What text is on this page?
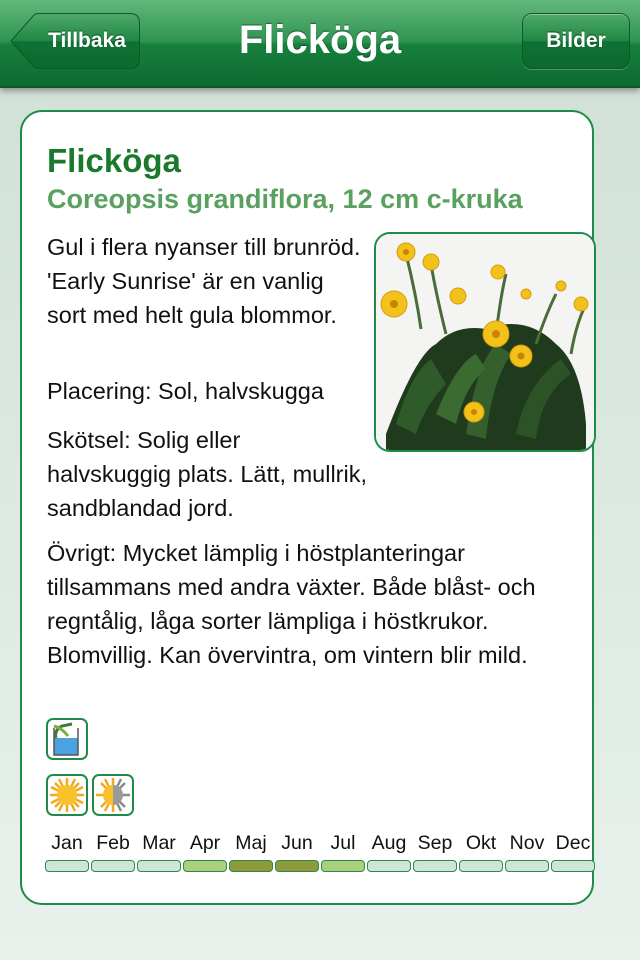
Tillbaka	Flicköga	Bilder
Flicköga
Coreopsis grandiflora, 12 cm c-kruka
Gul i flera nyanser till brunröd. 'Early Sunrise' är en vanlig sort med helt gula blommor.
Placering: Sol, halvskugga
Skötsel: Solig eller halvskuggig plats. Lätt, mullrik, sandblandad jord.
Övrigt: Mycket lämplig i höstplanteringar tillsammans med andra växter. Både blåst- och regntålig, låga sorter lämpliga i höstkrukor. Blomvillig. Kan övervintra, om vintern blir mild.
Jan Feb Mar Apr Maj Jun Jul Aug Sep Okt Nov Dec
